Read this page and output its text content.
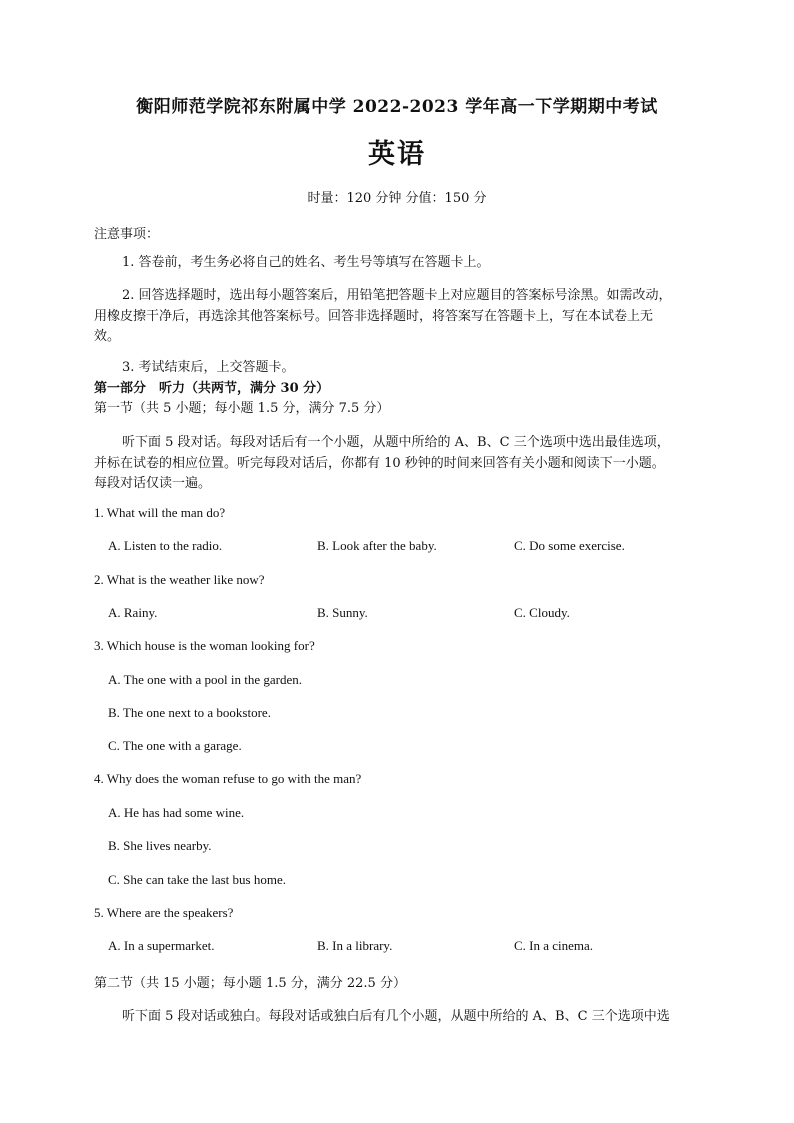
衡阳师范学院祁东附属中学 2022-2023 学年高一下学期期中考试
英语
时量：120 分钟 分值：150 分
注意事项：
1. 答卷前，考生务必将自己的姓名、考生号等填写在答题卡上。
2. 回答选择题时，选出每小题答案后，用铅笔把答题卡上对应题目的答案标号涂黑。如需改动，
用橡皮擦干净后，再选涂其他答案标号。回答非选择题时，将答案写在答题卡上，写在本试卷上无
效。
3. 考试结束后，上交答题卡。
第一部分　听力（共两节，满分 30 分）
第一节（共 5 小题；每小题 1.5 分，满分 7.5 分）
听下面 5 段对话。每段对话后有一个小题，从题中所给的 A、B、C 三个选项中选出最佳选项，
并标在试卷的相应位置。听完每段对话后，你都有 10 秒钟的时间来回答有关小题和阅读下一小题。
每段对话仅读一遍。
1. What will the man do?
A. Listen to the radio.	B. Look after the baby.	C. Do some exercise.
2. What is the weather like now?
A. Rainy.	B. Sunny.	C. Cloudy.
3. Which house is the woman looking for?
A. The one with a pool in the garden.
B. The one next to a bookstore.
C. The one with a garage.
4. Why does the woman refuse to go with the man?
A. He has had some wine.
B. She lives nearby.
C. She can take the last bus home.
5. Where are the speakers?
A. In a supermarket.	B. In a library.	C. In a cinema.
第二节（共 15 小题；每小题 1.5 分，满分 22.5 分）
听下面 5 段对话或独白。每段对话或独白后有几个小题，从题中所给的 A、B、C 三个选项中选
